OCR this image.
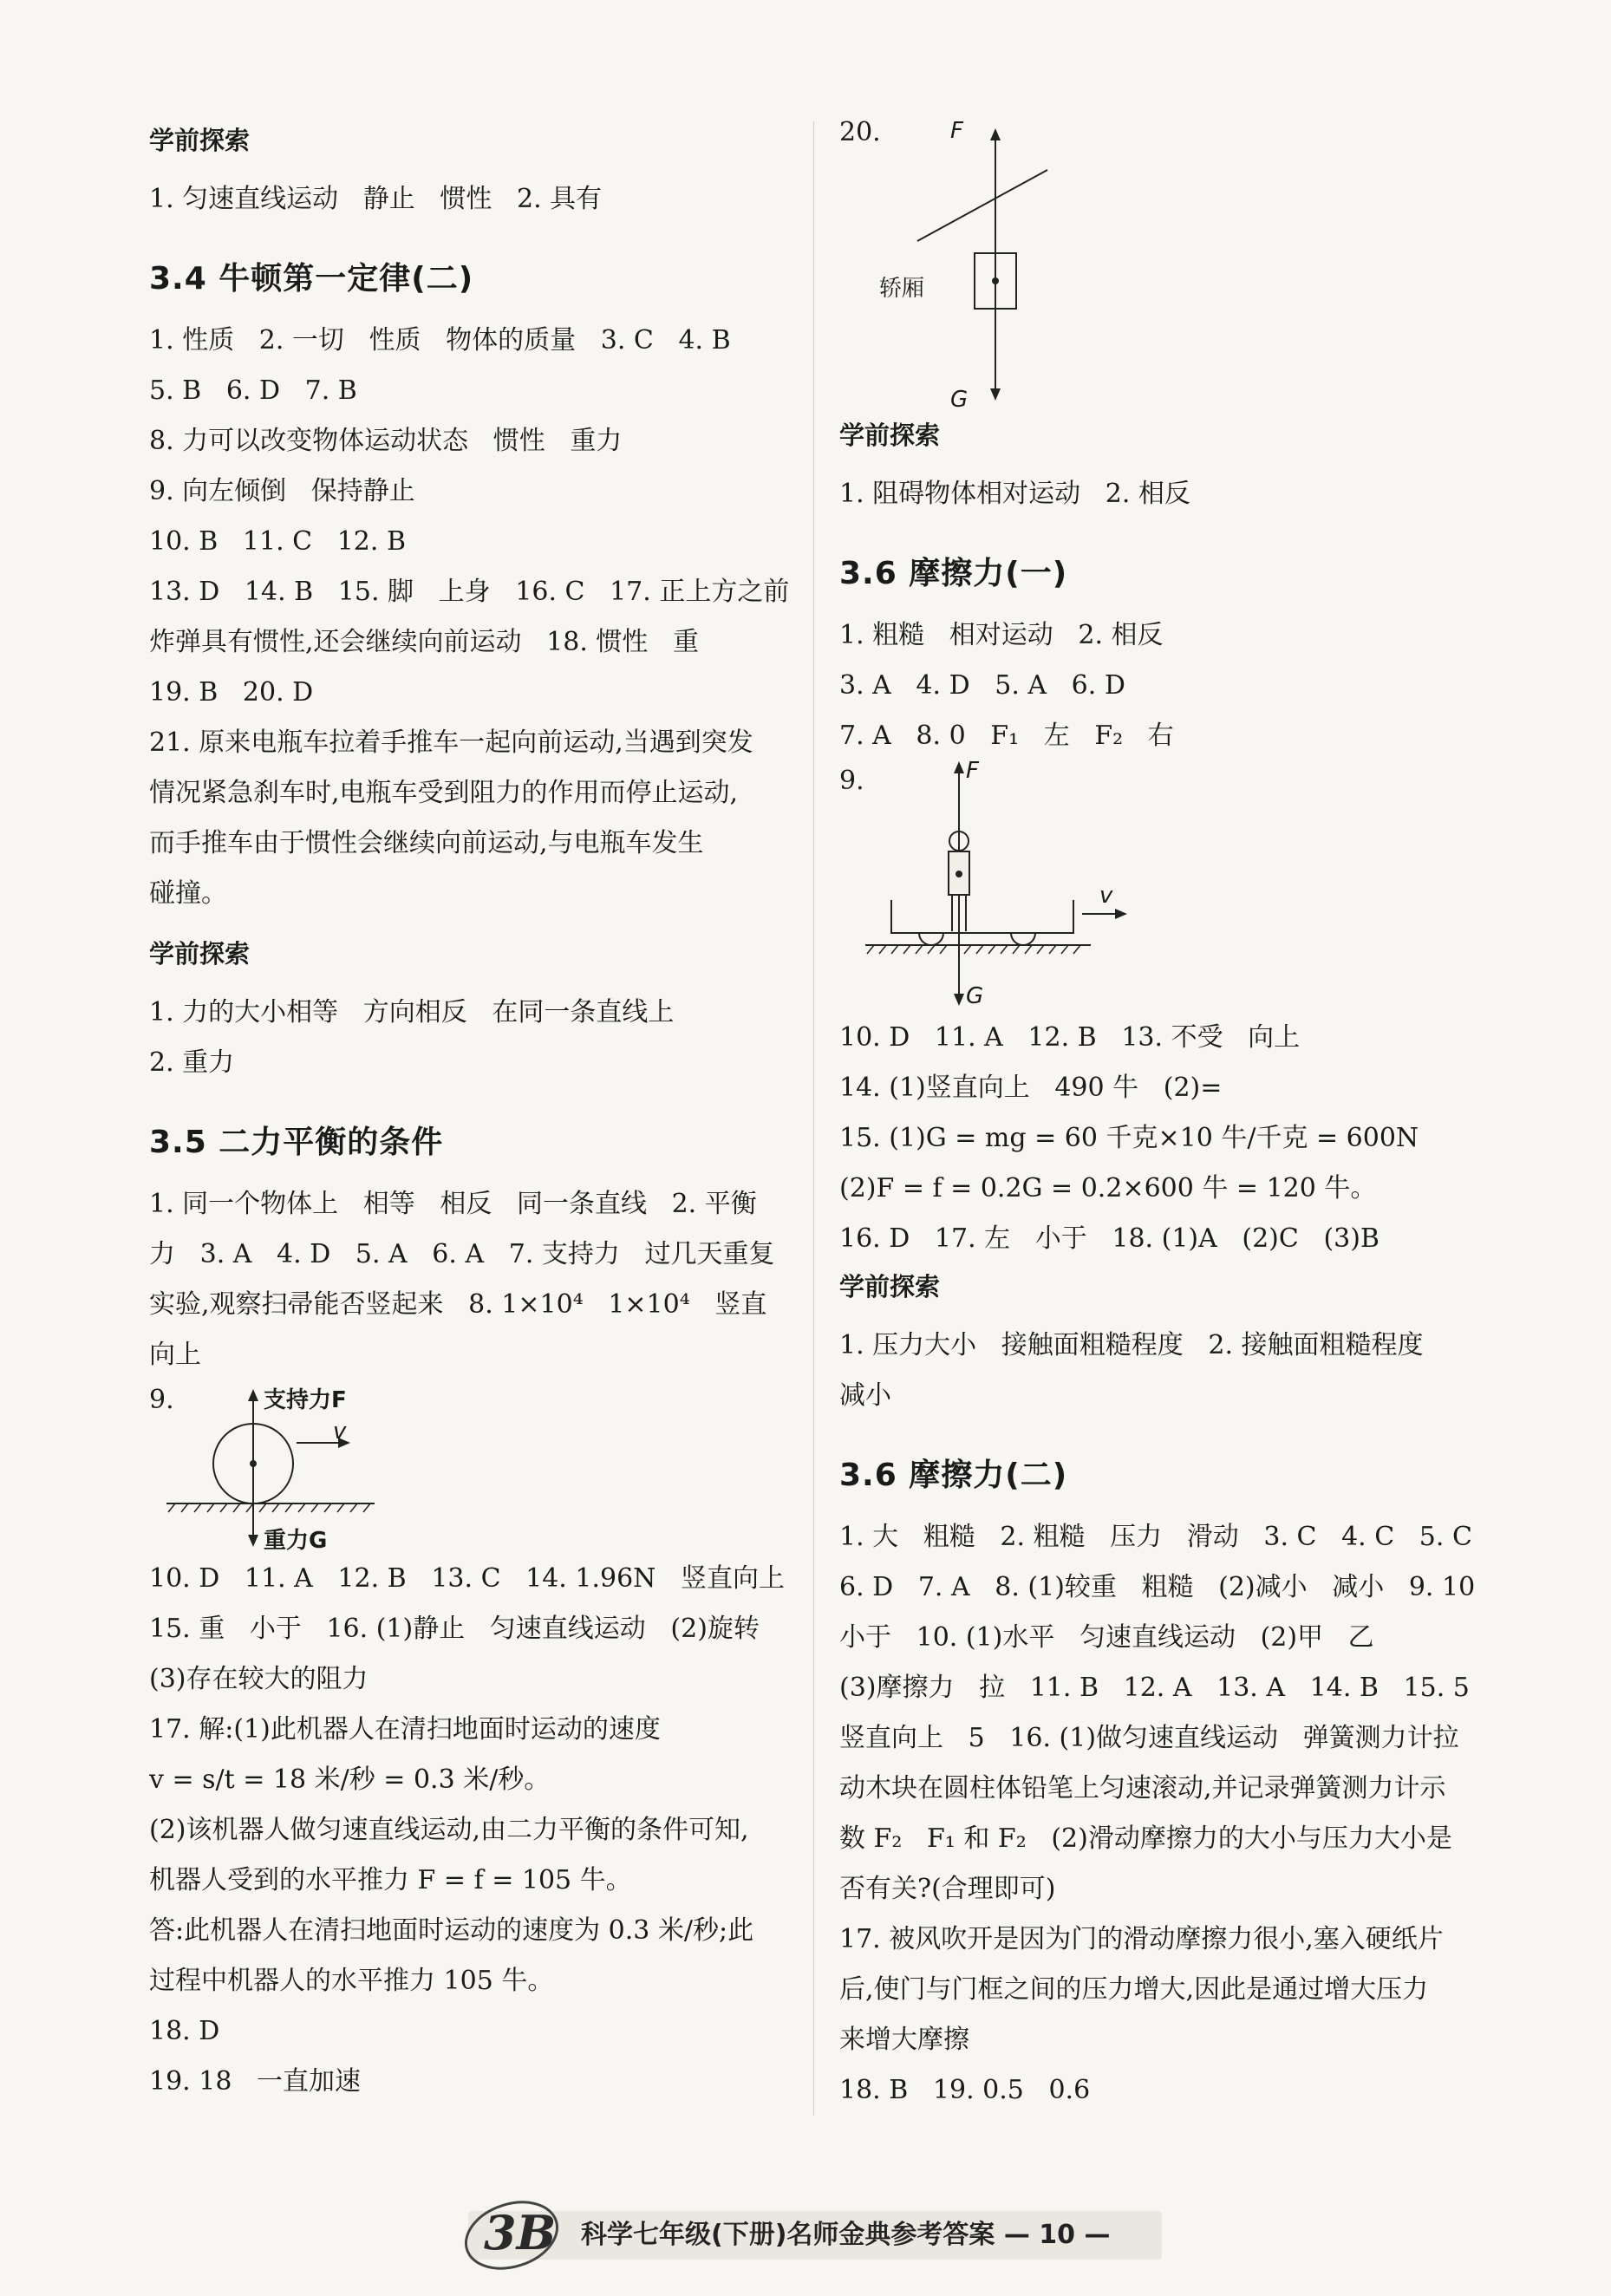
学前探索
1. 匀速直线运动   静止   惯性   2. 具有
3.4 牛顿第一定律(二)
1. 性质   2. 一切   性质   物体的质量   3. C   4. B
5. B   6. D   7. B
8. 力可以改变物体运动状态   惯性   重力
9. 向左倾倒   保持静止
10. B   11. C   12. B
13. D   14. B   15. 脚   上身   16. C   17. 正上方之前
炸弹具有惯性,还会继续向前运动   18. 惯性   重
19. B   20. D
21. 原来电瓶车拉着手推车一起向前运动,当遇到突发
情况紧急刹车时,电瓶车受到阻力的作用而停止运动,
而手推车由于惯性会继续向前运动,与电瓶车发生
碰撞。
学前探索
1. 力的大小相等   方向相反   在同一条直线上
2. 重力
3.5 二力平衡的条件
1. 同一个物体上   相等   相反   同一条直线   2. 平衡
力   3. A   4. D   5. A   6. A   7. 支持力   过几天重复
实验,观察扫帚能否竖起来   8. 1×10⁴   1×10⁴   竖直
向上
9.	支持力F
v
重力G
10. D   11. A   12. B   13. C   14. 1.96N   竖直向上
15. 重   小于   16. (1)静止   匀速直线运动   (2)旋转
(3)存在较大的阻力
17. 解:(1)此机器人在清扫地面时运动的速度
v = s/t = 18 米/秒 = 0.3 米/秒。
(2)该机器人做匀速直线运动,由二力平衡的条件可知,
机器人受到的水平推力 F = f = 105 牛。
答:此机器人在清扫地面时运动的速度为 0.3 米/秒;此
过程中机器人的水平推力 105 牛。
18. D
19. 18   一直加速
20.	F
G
轿厢
学前探索
1. 阻碍物体相对运动   2. 相反
3.6 摩擦力(一)
1. 粗糙   相对运动   2. 相反
3. A   4. D   5. A   6. D
7. A   8. 0   F₁   左   F₂   右
9.	F
v
G
10. D   11. A   12. B   13. 不受   向上
14. (1)竖直向上   490 牛   (2)=
15. (1)G = mg = 60 千克×10 牛/千克 = 600N
(2)F = f = 0.2G = 0.2×600 牛 = 120 牛。
16. D   17. 左   小于   18. (1)A   (2)C   (3)B
学前探索
1. 压力大小   接触面粗糙程度   2. 接触面粗糙程度
减小
3.6 摩擦力(二)
1. 大   粗糙   2. 粗糙   压力   滑动   3. C   4. C   5. C
6. D   7. A   8. (1)较重   粗糙   (2)减小   减小   9. 10
小于   10. (1)水平   匀速直线运动   (2)甲   乙
(3)摩擦力   拉   11. B   12. A   13. A   14. B   15. 5
竖直向上   5   16. (1)做匀速直线运动   弹簧测力计拉
动木块在圆柱体铅笔上匀速滚动,并记录弹簧测力计示
数 F₂   F₁ 和 F₂   (2)滑动摩擦力的大小与压力大小是
否有关?(合理即可)
17. 被风吹开是因为门的滑动摩擦力很小,塞入硬纸片
后,使门与门框之间的压力增大,因此是通过增大压力
来增大摩擦
18. B   19. 0.5   0.6
科学七年级(下册)名师金典参考答案 — 10 —
3B
